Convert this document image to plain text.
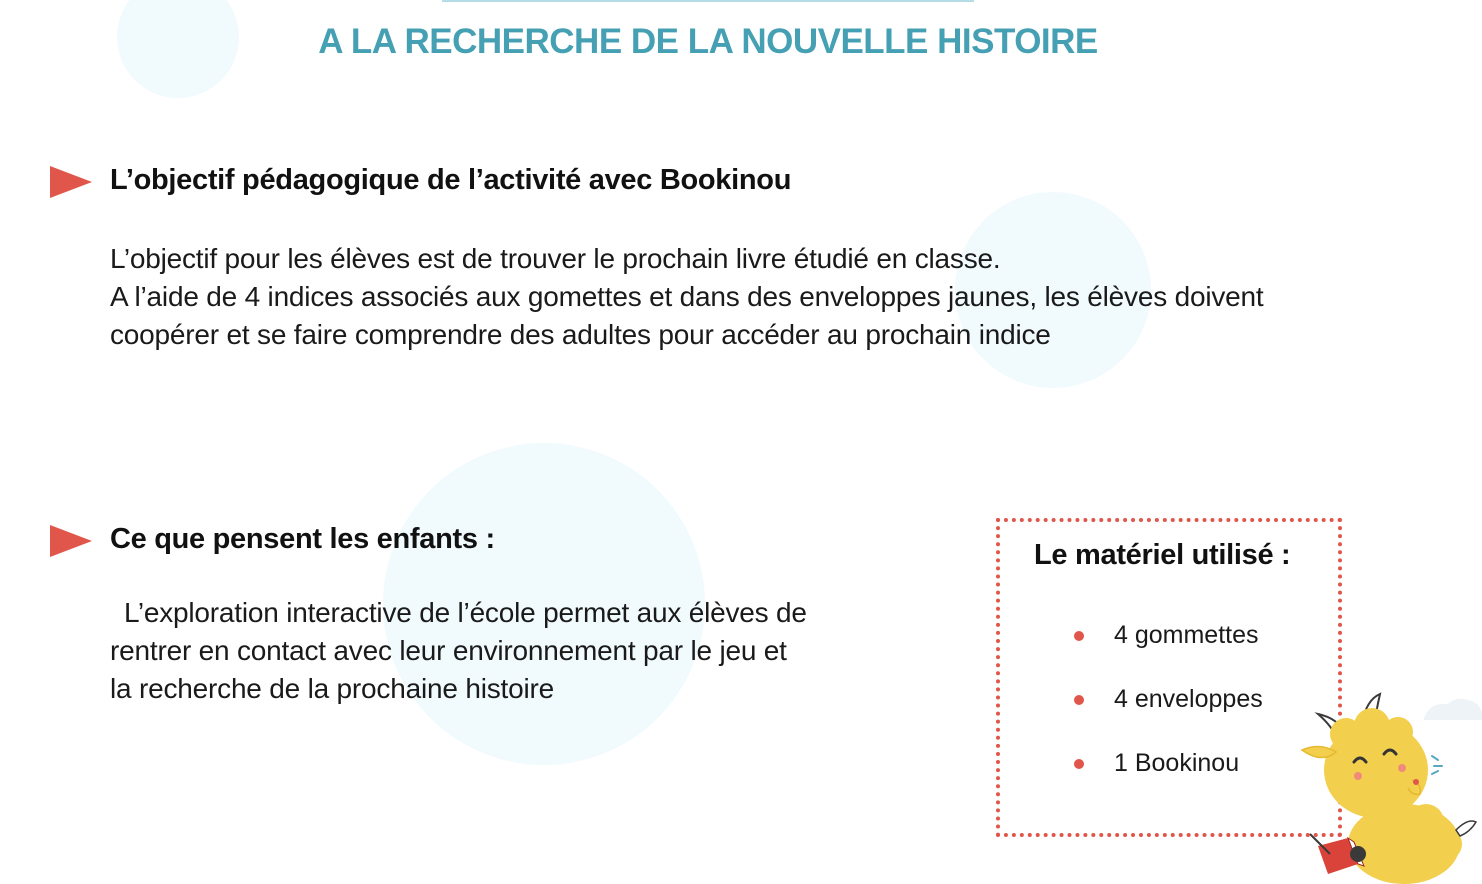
A LA RECHERCHE DE LA NOUVELLE HISTOIRE
L’objectif pédagogique de l’activité avec Bookinou

L’objectif pour les élèves est de trouver le prochain livre étudié en classe.
A l’aide de 4 indices associés aux gomettes et dans des enveloppes jaunes, les élèves doivent
coopérer et se faire comprendre des adultes pour accéder au prochain indice

Ce que pensent les enfants :

L’exploration interactive de l’école permet aux élèves de
rentrer en contact avec leur environnement par le jeu et
la recherche de la prochaine histoire

Le matériel utilisé :
4 gommettes
4 enveloppes
1 Bookinou
